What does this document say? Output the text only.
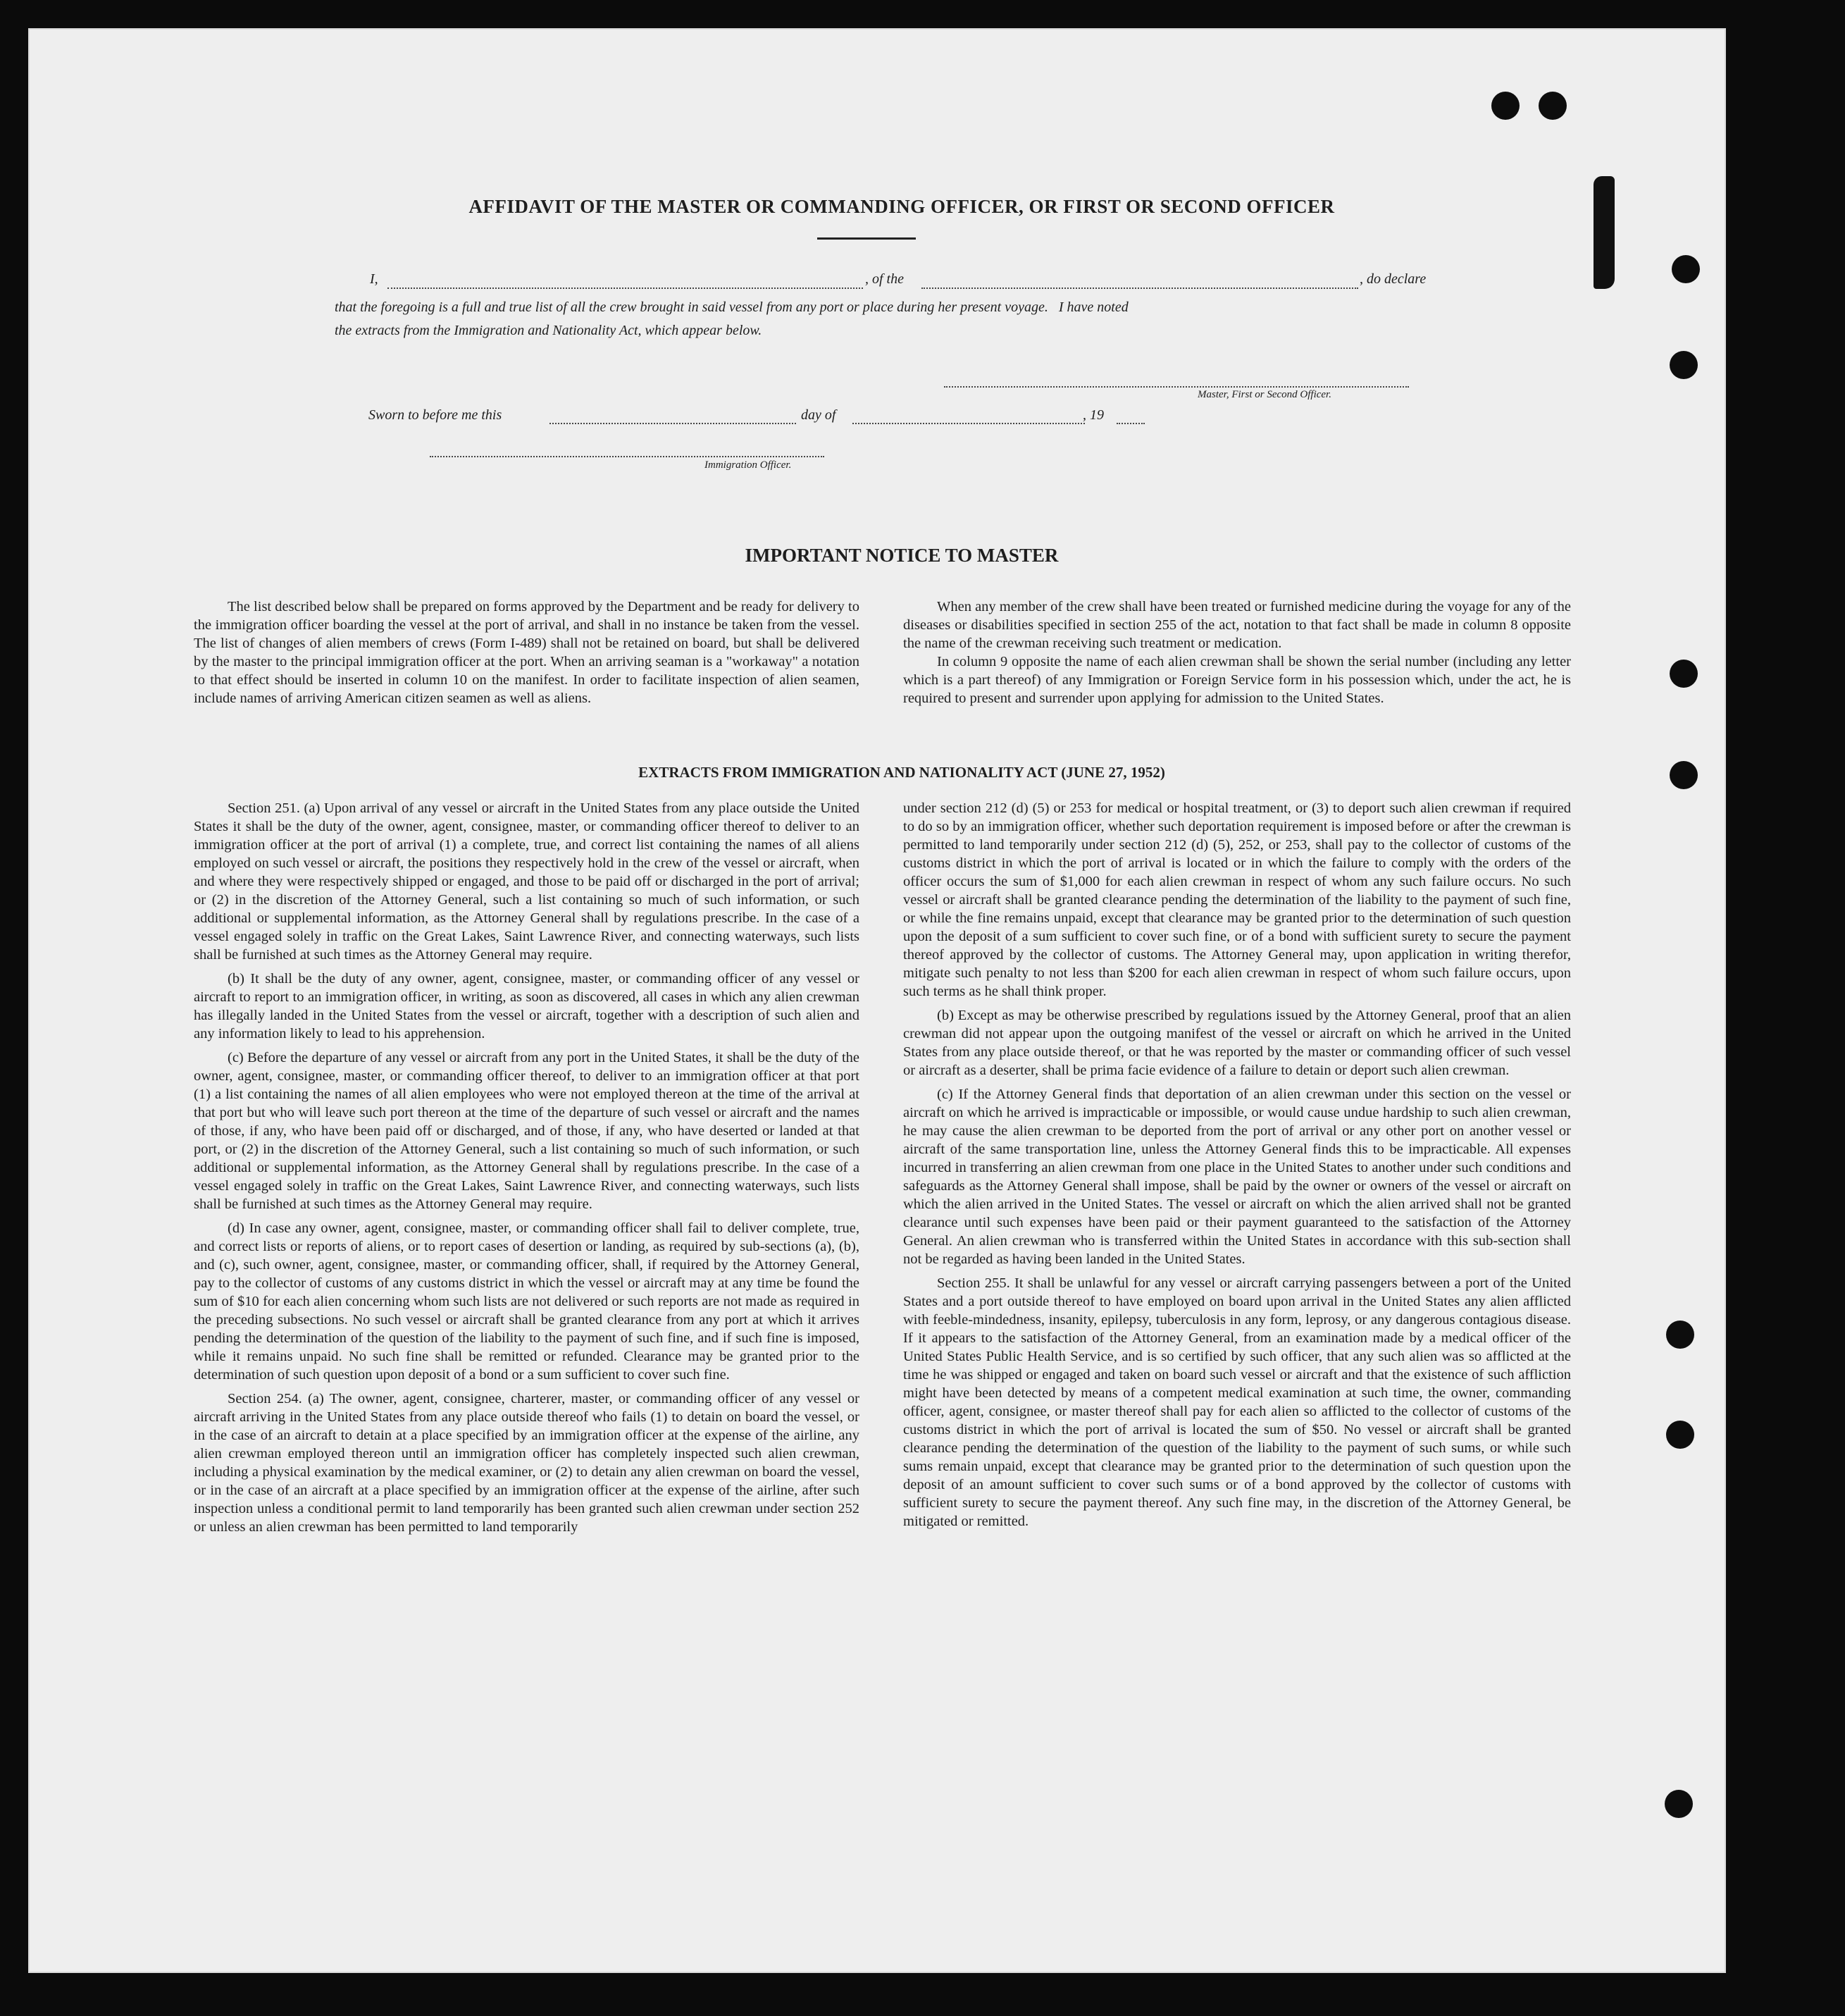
AFFIDAVIT OF THE MASTER OR COMMANDING OFFICER, OR FIRST OR SECOND OFFICER
I,	, of the	, do declare
that the foregoing is a full and true list of all the crew brought in said vessel from any port or place during her present voyage.   I have noted
the extracts from the Immigration and Nationality Act, which appear below.
Master, First or Second Officer.
Sworn to before me this	day of	, 19
Immigration Officer.
IMPORTANT NOTICE TO MASTER

The list described below shall be prepared on forms approved by the Department and be ready for delivery to the immigration officer boarding the vessel at the port of arrival, and shall in no instance be taken from the vessel. The list of changes of alien members of crews (Form I-489) shall not be retained on board, but shall be delivered by the master to the principal immigration officer at the port. When an arriving seaman is a "workaway" a notation to that effect should be inserted in column 10 on the manifest. In order to facilitate inspection of alien seamen, include names of arriving American citizen seamen as well as aliens.

When any member of the crew shall have been treated or furnished medicine during the voyage for any of the diseases or disabilities specified in section 255 of the act, notation to that fact shall be made in column 8 opposite the name of the crewman receiving such treatment or medication.

In column 9 opposite the name of each alien crewman shall be shown the serial number (including any letter which is a part thereof) of any Immigration or Foreign Service form in his possession which, under the act, he is required to present and surrender upon applying for admission to the United States.

EXTRACTS FROM IMMIGRATION AND NATIONALITY ACT (JUNE 27, 1952)

Section 251. (a) Upon arrival of any vessel or aircraft in the United States from any place outside the United States it shall be the duty of the owner, agent, consignee, master, or commanding officer thereof to deliver to an immigration officer at the port of arrival (1) a complete, true, and correct list containing the names of all aliens employed on such vessel or aircraft, the positions they respectively hold in the crew of the vessel or aircraft, when and where they were respectively shipped or engaged, and those to be paid off or discharged in the port of arrival; or (2) in the discretion of the Attorney General, such a list containing so much of such information, or such additional or supplemental information, as the Attorney General shall by regulations prescribe. In the case of a vessel engaged solely in traffic on the Great Lakes, Saint Lawrence River, and connecting waterways, such lists shall be furnished at such times as the Attorney General may require.

(b) It shall be the duty of any owner, agent, consignee, master, or commanding officer of any vessel or aircraft to report to an immigration officer, in writing, as soon as discovered, all cases in which any alien crewman has illegally landed in the United States from the vessel or aircraft, together with a description of such alien and any information likely to lead to his apprehension.

(c) Before the departure of any vessel or aircraft from any port in the United States, it shall be the duty of the owner, agent, consignee, master, or commanding officer thereof, to deliver to an immigration officer at that port (1) a list containing the names of all alien employees who were not employed thereon at the time of the arrival at that port but who will leave such port thereon at the time of the departure of such vessel or aircraft and the names of those, if any, who have been paid off or discharged, and of those, if any, who have deserted or landed at that port, or (2) in the discretion of the Attorney General, such a list containing so much of such information, or such additional or supplemental information, as the Attorney General shall by regulations prescribe. In the case of a vessel engaged solely in traffic on the Great Lakes, Saint Lawrence River, and connecting waterways, such lists shall be furnished at such times as the Attorney General may require.

(d) In case any owner, agent, consignee, master, or commanding officer shall fail to deliver complete, true, and correct lists or reports of aliens, or to report cases of desertion or landing, as required by sub-sections (a), (b), and (c), such owner, agent, consignee, master, or commanding officer, shall, if required by the Attorney General, pay to the collector of customs of any customs district in which the vessel or aircraft may at any time be found the sum of $10 for each alien concerning whom such lists are not delivered or such reports are not made as required in the preceding subsections. No such vessel or aircraft shall be granted clearance from any port at which it arrives pending the determination of the question of the liability to the payment of such fine, and if such fine is imposed, while it remains unpaid. No such fine shall be remitted or refunded. Clearance may be granted prior to the determination of such question upon deposit of a bond or a sum sufficient to cover such fine.

Section 254. (a) The owner, agent, consignee, charterer, master, or commanding officer of any vessel or aircraft arriving in the United States from any place outside thereof who fails (1) to detain on board the vessel, or in the case of an aircraft to detain at a place specified by an immigration officer at the expense of the airline, any alien crewman employed thereon until an immigration officer has completely inspected such alien crewman, including a physical examination by the medical examiner, or (2) to detain any alien crewman on board the vessel, or in the case of an aircraft at a place specified by an immigration officer at the expense of the airline, after such inspection unless a conditional permit to land temporarily has been granted such alien crewman under section 252 or unless an alien crewman has been permitted to land temporarily

under section 212 (d) (5) or 253 for medical or hospital treatment, or (3) to deport such alien crewman if required to do so by an immigration officer, whether such deportation requirement is imposed before or after the crewman is permitted to land temporarily under section 212 (d) (5), 252, or 253, shall pay to the collector of customs of the customs district in which the port of arrival is located or in which the failure to comply with the orders of the officer occurs the sum of $1,000 for each alien crewman in respect of whom any such failure occurs. No such vessel or aircraft shall be granted clearance pending the determination of the liability to the payment of such fine, or while the fine remains unpaid, except that clearance may be granted prior to the determination of such question upon the deposit of a sum sufficient to cover such fine, or of a bond with sufficient surety to secure the payment thereof approved by the collector of customs. The Attorney General may, upon application in writing therefor, mitigate such penalty to not less than $200 for each alien crewman in respect of whom such failure occurs, upon such terms as he shall think proper.

(b) Except as may be otherwise prescribed by regulations issued by the Attorney General, proof that an alien crewman did not appear upon the outgoing manifest of the vessel or aircraft on which he arrived in the United States from any place outside thereof, or that he was reported by the master or commanding officer of such vessel or aircraft as a deserter, shall be prima facie evidence of a failure to detain or deport such alien crewman.

(c) If the Attorney General finds that deportation of an alien crewman under this section on the vessel or aircraft on which he arrived is impracticable or impossible, or would cause undue hardship to such alien crewman, he may cause the alien crewman to be deported from the port of arrival or any other port on another vessel or aircraft of the same transportation line, unless the Attorney General finds this to be impracticable. All expenses incurred in transferring an alien crewman from one place in the United States to another under such conditions and safeguards as the Attorney General shall impose, shall be paid by the owner or owners of the vessel or aircraft on which the alien arrived in the United States. The vessel or aircraft on which the alien arrived shall not be granted clearance until such expenses have been paid or their payment guaranteed to the satisfaction of the Attorney General. An alien crewman who is transferred within the United States in accordance with this sub-section shall not be regarded as having been landed in the United States.

Section 255. It shall be unlawful for any vessel or aircraft carrying passengers between a port of the United States and a port outside thereof to have employed on board upon arrival in the United States any alien afflicted with feeble-mindedness, insanity, epilepsy, tuberculosis in any form, leprosy, or any dangerous contagious disease. If it appears to the satisfaction of the Attorney General, from an examination made by a medical officer of the United States Public Health Service, and is so certified by such officer, that any such alien was so afflicted at the time he was shipped or engaged and taken on board such vessel or aircraft and that the existence of such affliction might have been detected by means of a competent medical examination at such time, the owner, commanding officer, agent, consignee, or master thereof shall pay for each alien so afflicted to the collector of customs of the customs district in which the port of arrival is located the sum of $50. No vessel or aircraft shall be granted clearance pending the determination of the question of the liability to the payment of such sums, or while such sums remain unpaid, except that clearance may be granted prior to the determination of such question upon the deposit of an amount sufficient to cover such sums or of a bond approved by the collector of customs with sufficient surety to secure the payment thereof. Any such fine may, in the discretion of the Attorney General, be mitigated or remitted.
